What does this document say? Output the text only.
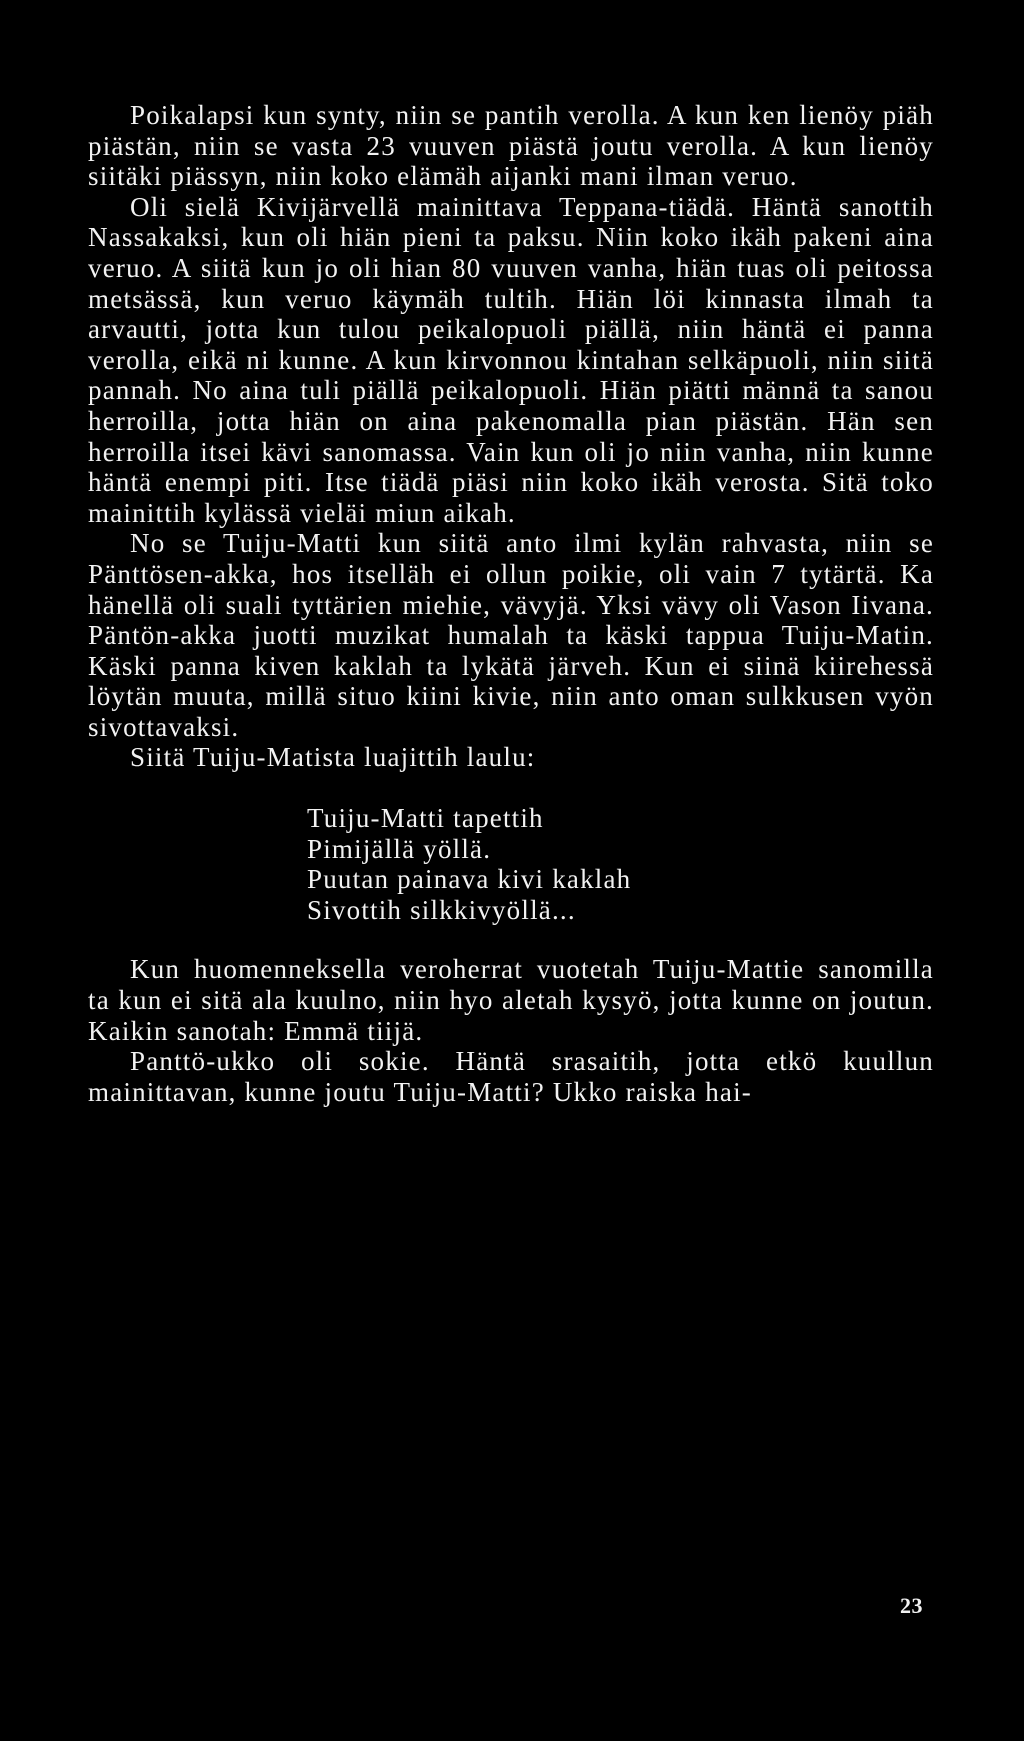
Poikalapsi kun synty, niin se pantih verolla. A kun ken lienöy piäh piästän, niin se vasta 23 vuuven piästä joutu verolla. A kun lienöy siitäki piässyn, niin koko elämäh aijanki mani ilman veruo.

Oli sielä Kivijärvellä mainittava Teppana-tiädä. Häntä sanottih Nassakaksi, kun oli hiän pieni ta paksu. Niin koko ikäh pakeni aina veruo. A siitä kun jo oli hian 80 vuuven vanha, hiän tuas oli peitossa metsässä, kun veruo käymäh tultih. Hiän löi kinnasta ilmah ta arvautti, jotta kun tulou peikalopuoli piällä, niin häntä ei panna verolla, eikä ni kunne. A kun kirvonnou kintahan selkäpuoli, niin siitä pannah. No aina tuli piällä peikalopuoli. Hiän piätti männä ta sanou herroilla, jotta hiän on aina pakenomalla pian piästän. Hän sen herroilla itsei kävi sanomassa. Vain kun oli jo niin vanha, niin kunne häntä enempi piti. Itse tiädä piäsi niin koko ikäh verosta. Sitä toko mainittih kylässä vieläi miun aikah.

No se Tuiju-Matti kun siitä anto ilmi kylän rahvasta, niin se Pänttösen-akka, hos itselläh ei ollun poikie, oli vain 7 tytärtä. Ka hänellä oli suali tyttärien miehie, vävyjä. Yksi vävy oli Vason Iivana. Päntön-akka juotti muzikat humalah ta käski tappua Tuiju-Matin. Käski panna kiven kaklah ta lykätä järveh. Kun ei siinä kiirehessä löytän muuta, millä situo kiini kivie, niin anto oman sulkkusen vyön sivottavaksi.

Siitä Tuiju-Matista luajittih laulu:

Tuiju-Matti tapettih
Pimijällä yöllä.
Puutan painava kivi kaklah
Sivottih silkkivyöllä...

Kun huomenneksella veroherrat vuotetah Tuiju-Mattie sanomilla ta kun ei sitä ala kuulno, niin hyo aletah kysyö, jotta kunne on joutun. Kaikin sanotah: Emmä tiijä.

Panttö-ukko oli sokie. Häntä srasaitih, jotta etkö kuullun mainittavan, kunne joutu Tuiju-Matti? Ukko raiska hai-

23
